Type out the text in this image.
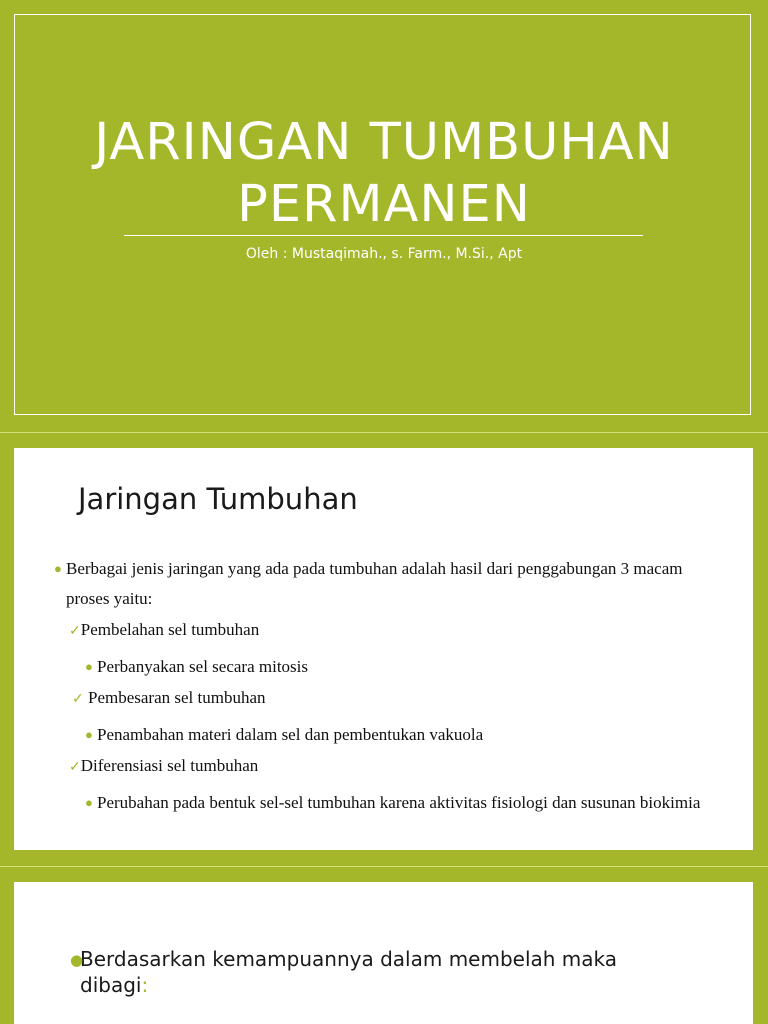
JARINGAN TUMBUHAN
PERMANEN
Oleh : Mustaqimah., s. Farm., M.Si., Apt
Jaringan Tumbuhan
● Berbagai jenis jaringan yang ada pada tumbuhan adalah hasil dari penggabungan 3 macam proses yaitu:
✓Pembelahan sel tumbuhan
● Perbanyakan sel secara mitosis
✓ Pembesaran sel tumbuhan
● Penambahan materi dalam sel dan pembentukan vakuola
✓Diferensiasi sel tumbuhan
● Perubahan pada bentuk sel-sel tumbuhan karena aktivitas fisiologi dan susunan biokimia
●
Berdasarkan kemampuannya dalam membelah maka dibagi:
